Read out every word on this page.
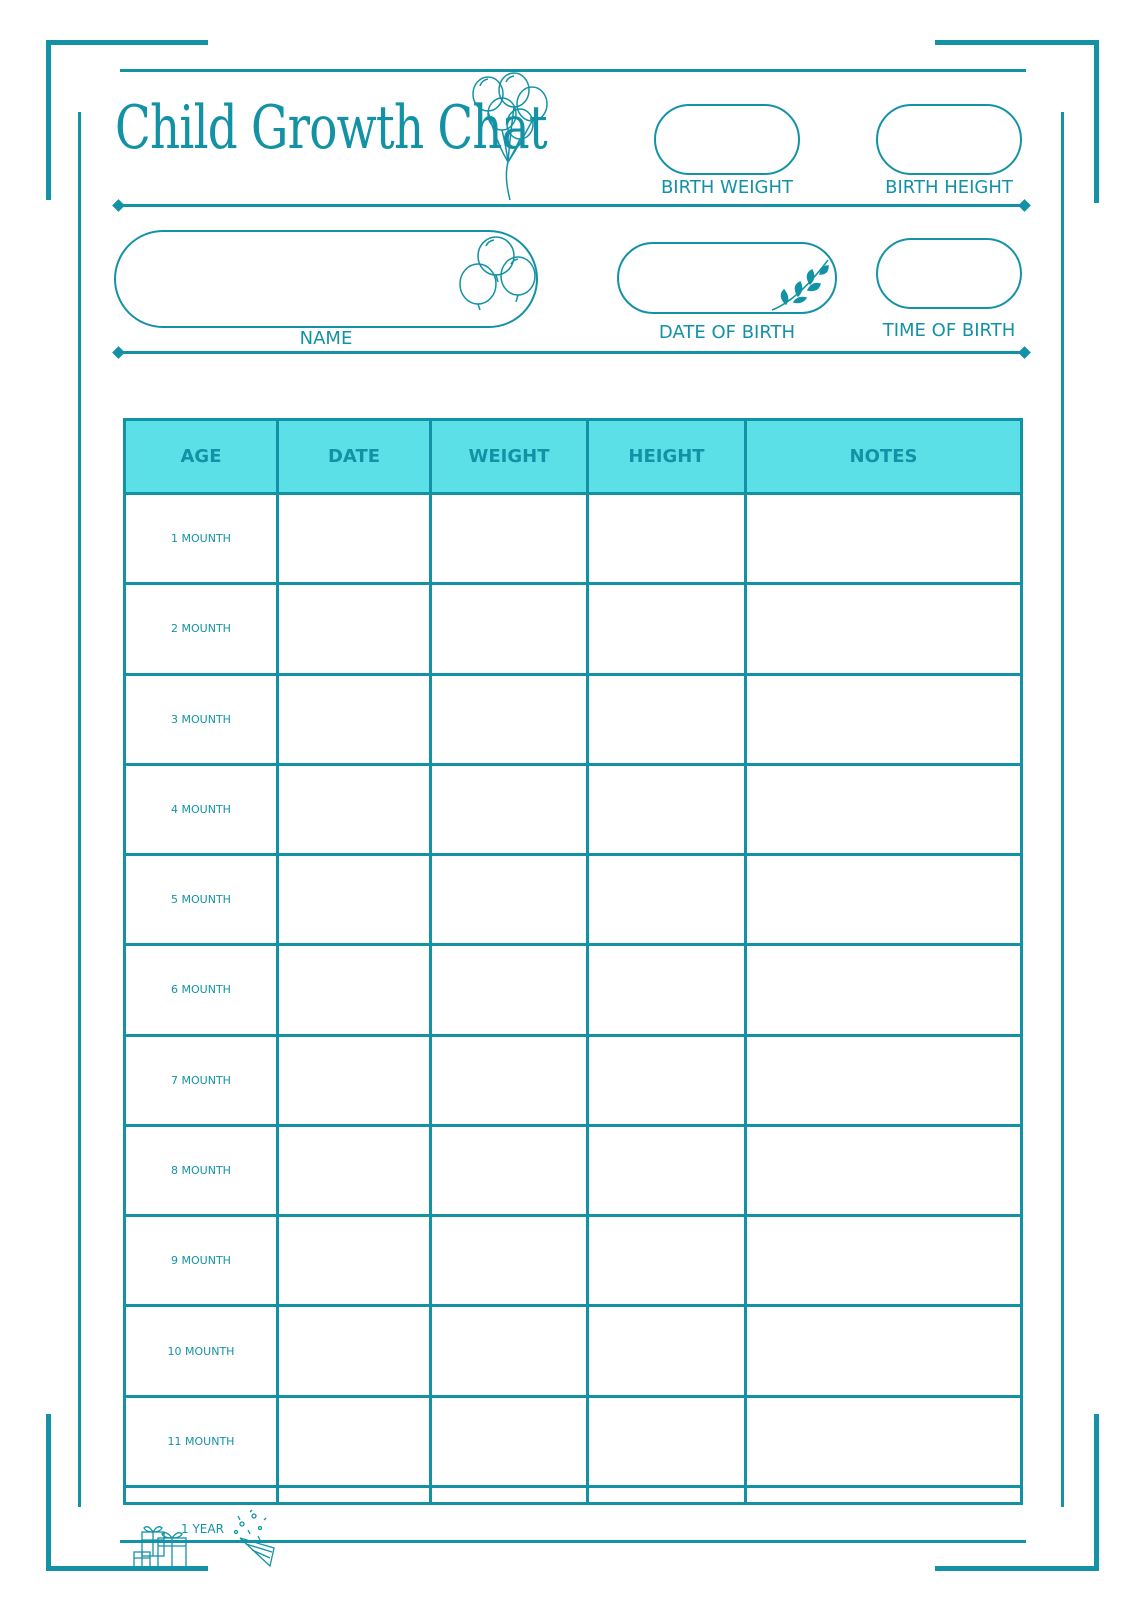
Child Growth Chat
BIRTH WEIGHT	BIRTH HEIGHT
NAME	DATE OF BIRTH	TIME OF BIRTH
AGE	DATE	WEIGHT	HEIGHT	NOTES
1 MOUNTH				
2 MOUNTH				
3 MOUNTH				
4 MOUNTH				
5 MOUNTH				
6 MOUNTH				
7 MOUNTH				
8 MOUNTH				
9 MOUNTH				
10 MOUNTH				
11 MOUNTH				

1 YEAR				
